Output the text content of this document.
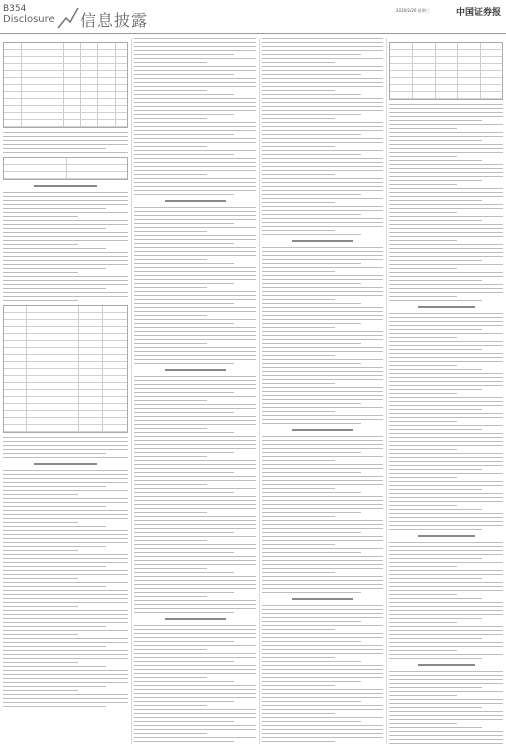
B354
Disclosure 信息披露
2020/2/26 星期三	中国证券报
